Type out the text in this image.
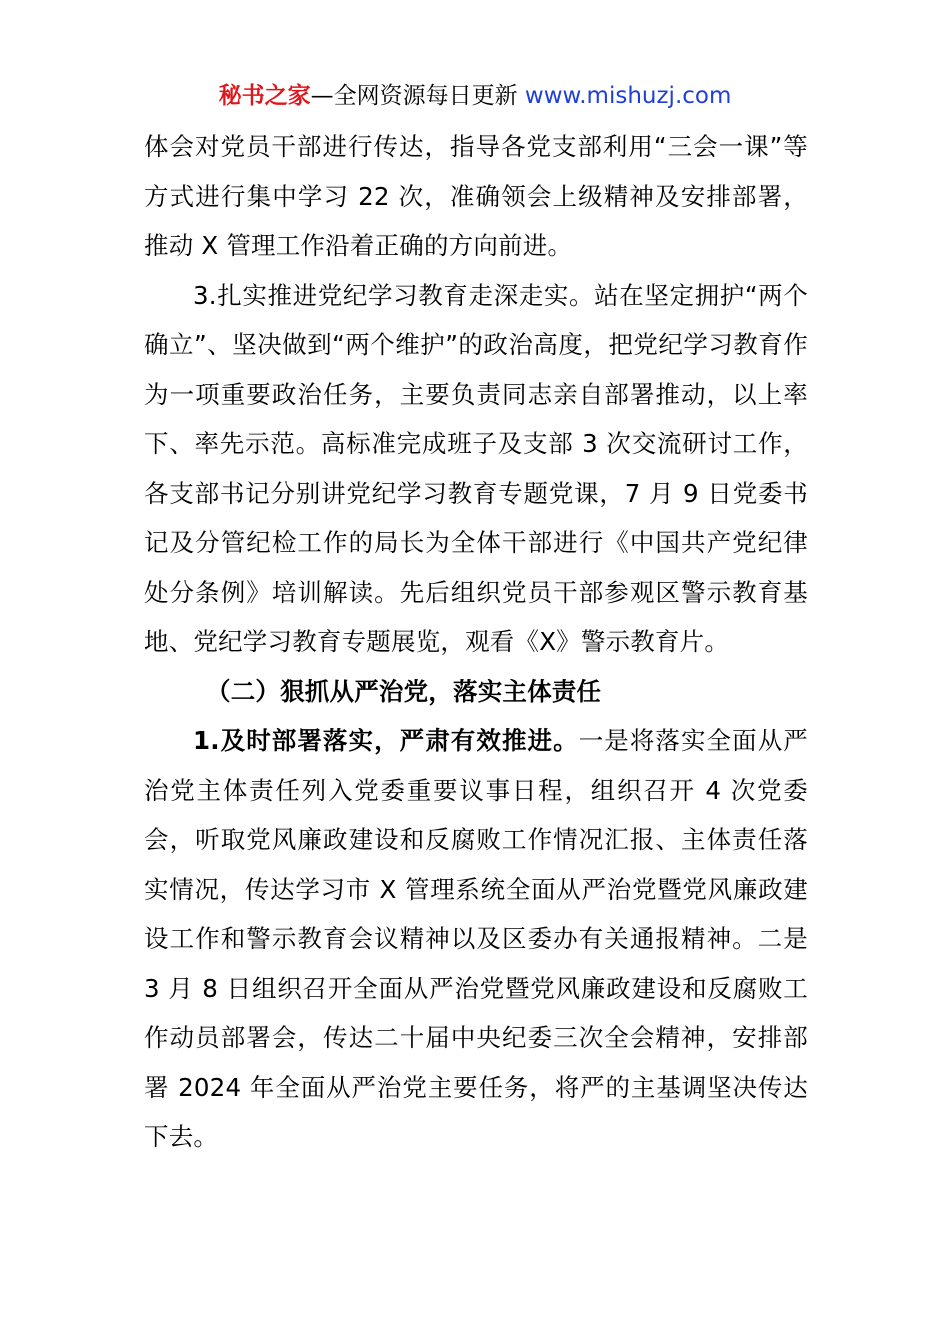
秘书之家—全网资源每日更新 www.mishuzj.com

体会对党员干部进行传达，指导各党支部利用“三会一课”等方式进行集中学习 22 次，准确领会上级精神及安排部署，推动 X 管理工作沿着正确的方向前进。

3.扎实推进党纪学习教育走深走实。站在坚定拥护“两个确立”、坚决做到“两个维护”的政治高度，把党纪学习教育作为一项重要政治任务，主要负责同志亲自部署推动，以上率下、率先示范。高标准完成班子及支部 3 次交流研讨工作，各支部书记分别讲党纪学习教育专题党课，7 月 9 日党委书记及分管纪检工作的局长为全体干部进行《中国共产党纪律处分条例》培训解读。先后组织党员干部参观区警示教育基地、党纪学习教育专题展览，观看《X》警示教育片。

（二）狠抓从严治党，落实主体责任

1.及时部署落实，严肃有效推进。一是将落实全面从严治党主体责任列入党委重要议事日程，组织召开 4 次党委会，听取党风廉政建设和反腐败工作情况汇报、主体责任落实情况，传达学习市 X 管理系统全面从严治党暨党风廉政建设工作和警示教育会议精神以及区委办有关通报精神。二是 3 月 8 日组织召开全面从严治党暨党风廉政建设和反腐败工作动员部署会，传达二十届中央纪委三次全会精神，安排部署 2024 年全面从严治党主要任务，将严的主基调坚决传达下去。
